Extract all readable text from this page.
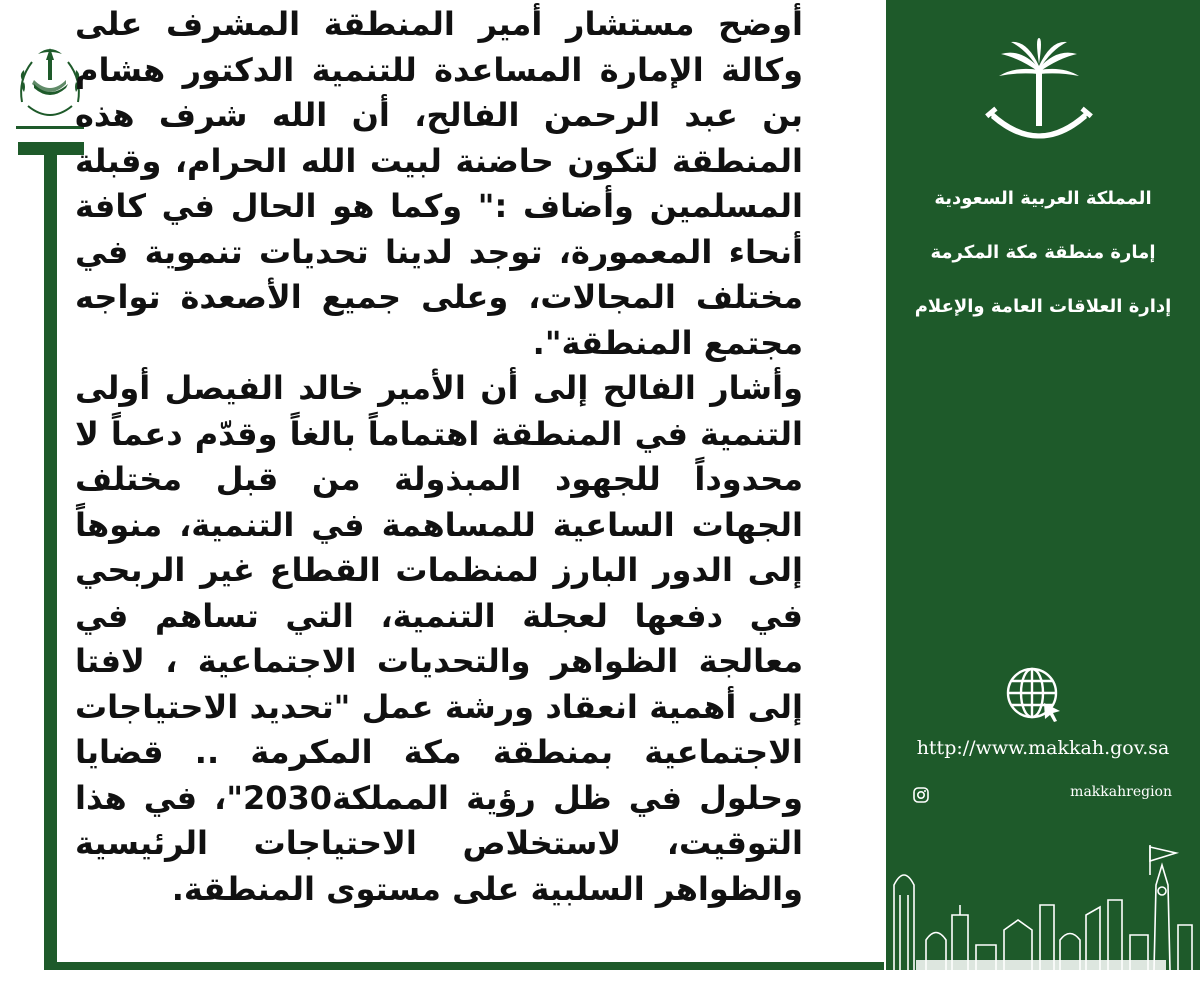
أوضح مستشار أمير المنطقة المشرف على وكالة الإمارة المساعدة للتنمية الدكتور هشام بن عبد الرحمن الفالح، أن الله شرف هذه المنطقة لتكون حاضنة لبيت الله الحرام، وقبلة المسلمين وأضاف :" وكما هو الحال في كافة أنحاء المعمورة، توجد لدينا تحديات تنموية في مختلف المجالات، وعلى جميع الأصعدة تواجه مجتمع المنطقة".

وأشار الفالح إلى أن الأمير خالد الفيصل أولى التنمية في المنطقة اهتماماً بالغاً وقدّم دعماً لا محدوداً للجهود المبذولة من قبل مختلف الجهات الساعية للمساهمة في التنمية، منوهاً إلى الدور البارز لمنظمات القطاع غير الربحي في دفعها لعجلة التنمية، التي تساهم في معالجة الظواهر والتحديات الاجتماعية ، لافتا إلى أهمية انعقاد ورشة عمل "تحديد الاحتياجات الاجتماعية بمنطقة مكة المكرمة .. قضايا وحلول في ظل رؤية المملكة2030"، في هذا التوقيت، لاستخلاص الاحتياجات الرئيسية والظواهر السلبية على مستوى المنطقة.

المملكة العربية السعودية
إمارة منطقة مكة المكرمة
إدارة العلاقات العامة والإعلام
http://www.makkah.gov.sa
makkahregion
